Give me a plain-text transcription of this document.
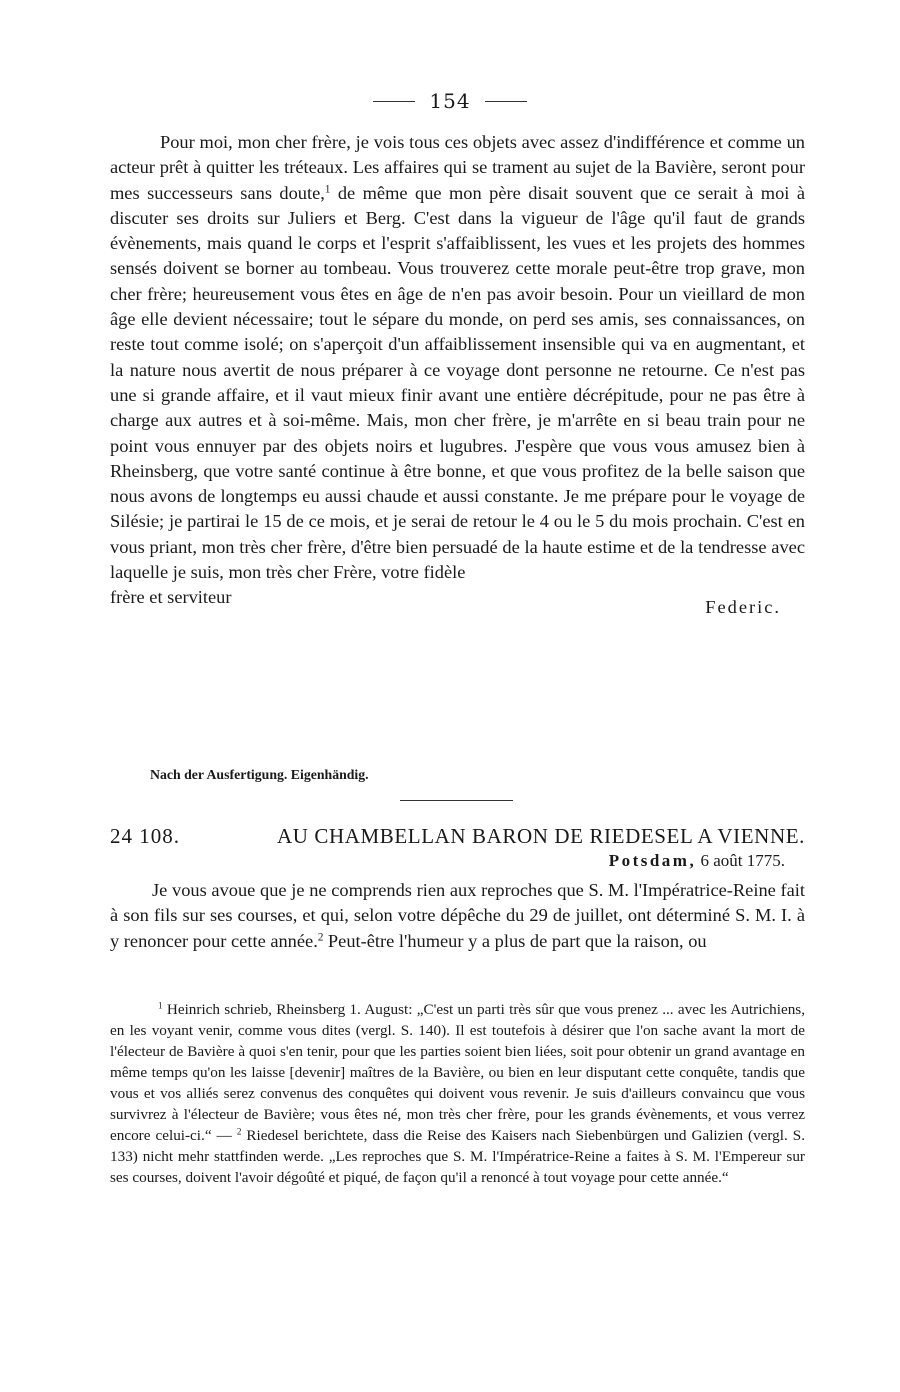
154

Pour moi, mon cher frère, je vois tous ces objets avec assez d'indifférence et comme un acteur prêt à quitter les tréteaux. Les affaires qui se trament au sujet de la Bavière, seront pour mes successeurs sans doute,$^1$ de même que mon père disait souvent que ce serait à moi à discuter ses droits sur Juliers et Berg. C'est dans la vigueur de l'âge qu'il faut de grands évènements, mais quand le corps et l'esprit s'affaiblissent, les vues et les projets des hommes sensés doivent se borner au tombeau. Vous trouverez cette morale peut-être trop grave, mon cher frère; heureusement vous êtes en âge de n'en pas avoir besoin. Pour un vieillard de mon âge elle devient nécessaire; tout le sépare du monde, on perd ses amis, ses connaissances, on reste tout comme isolé; on s'aperçoit d'un affaiblissement insensible qui va en augmentant, et la nature nous avertit de nous préparer à ce voyage dont personne ne retourne. Ce n'est pas une si grande affaire, et il vaut mieux finir avant une entière décrépitude, pour ne pas être à charge aux autres et à soi-même. Mais, mon cher frère, je m'arrête en si beau train pour ne point vous ennuyer par des objets noirs et lugubres. J'espère que vous vous amusez bien à Rheinsberg, que votre santé continue à être bonne, et que vous profitez de la belle saison que nous avons de longtemps eu aussi chaude et aussi constante. Je me prépare pour le voyage de Silésie; je partirai le 15 de ce mois, et je serai de retour le 4 ou le 5 du mois prochain. C'est en vous priant, mon très cher frère, d'être bien persuadé de la haute estime et de la tendresse avec laquelle je suis, mon très cher Frère, votre fidèle

frère et serviteur	Federic.
Nach der Ausfertigung. Eigenhändig.
24 108.	AU CHAMBELLAN BARON DE RIEDESEL A VIENNE.
Potsdam, 6 août 1775.

Je vous avoue que je ne comprends rien aux reproches que S. M. l'Impératrice-Reine fait à son fils sur ses courses, et qui, selon votre dépêche du 29 de juillet, ont déterminé S. M. I. à y renoncer pour cette année.$^2$ Peut-être l'humeur y a plus de part que la raison, ou

$^1$ Heinrich schrieb, Rheinsberg 1. August: „C'est un parti très sûr que vous prenez ... avec les Autrichiens, en les voyant venir, comme vous dites (vergl. S. 140). Il est toutefois à désirer que l'on sache avant la mort de l'électeur de Bavière à quoi s'en tenir, pour que les parties soient bien liées, soit pour obtenir un grand avantage en même temps qu'on les laisse [devenir] maîtres de la Bavière, ou bien en leur disputant cette conquête, tandis que vous et vos alliés serez convenus des conquêtes qui doivent vous revenir. Je suis d'ailleurs convaincu que vous survivrez à l'électeur de Bavière; vous êtes né, mon très cher frère, pour les grands évènements, et vous verrez encore celui-ci.“ — $^2$ Riedesel berichtete, dass die Reise des Kaisers nach Siebenbürgen und Galizien (vergl. S. 133) nicht mehr stattfinden werde. „Les reproches que S. M. l'Impératrice-Reine a faites à S. M. l'Empereur sur ses courses, doivent l'avoir dégoûté et piqué, de façon qu'il a renoncé à tout voyage pour cette année.“
